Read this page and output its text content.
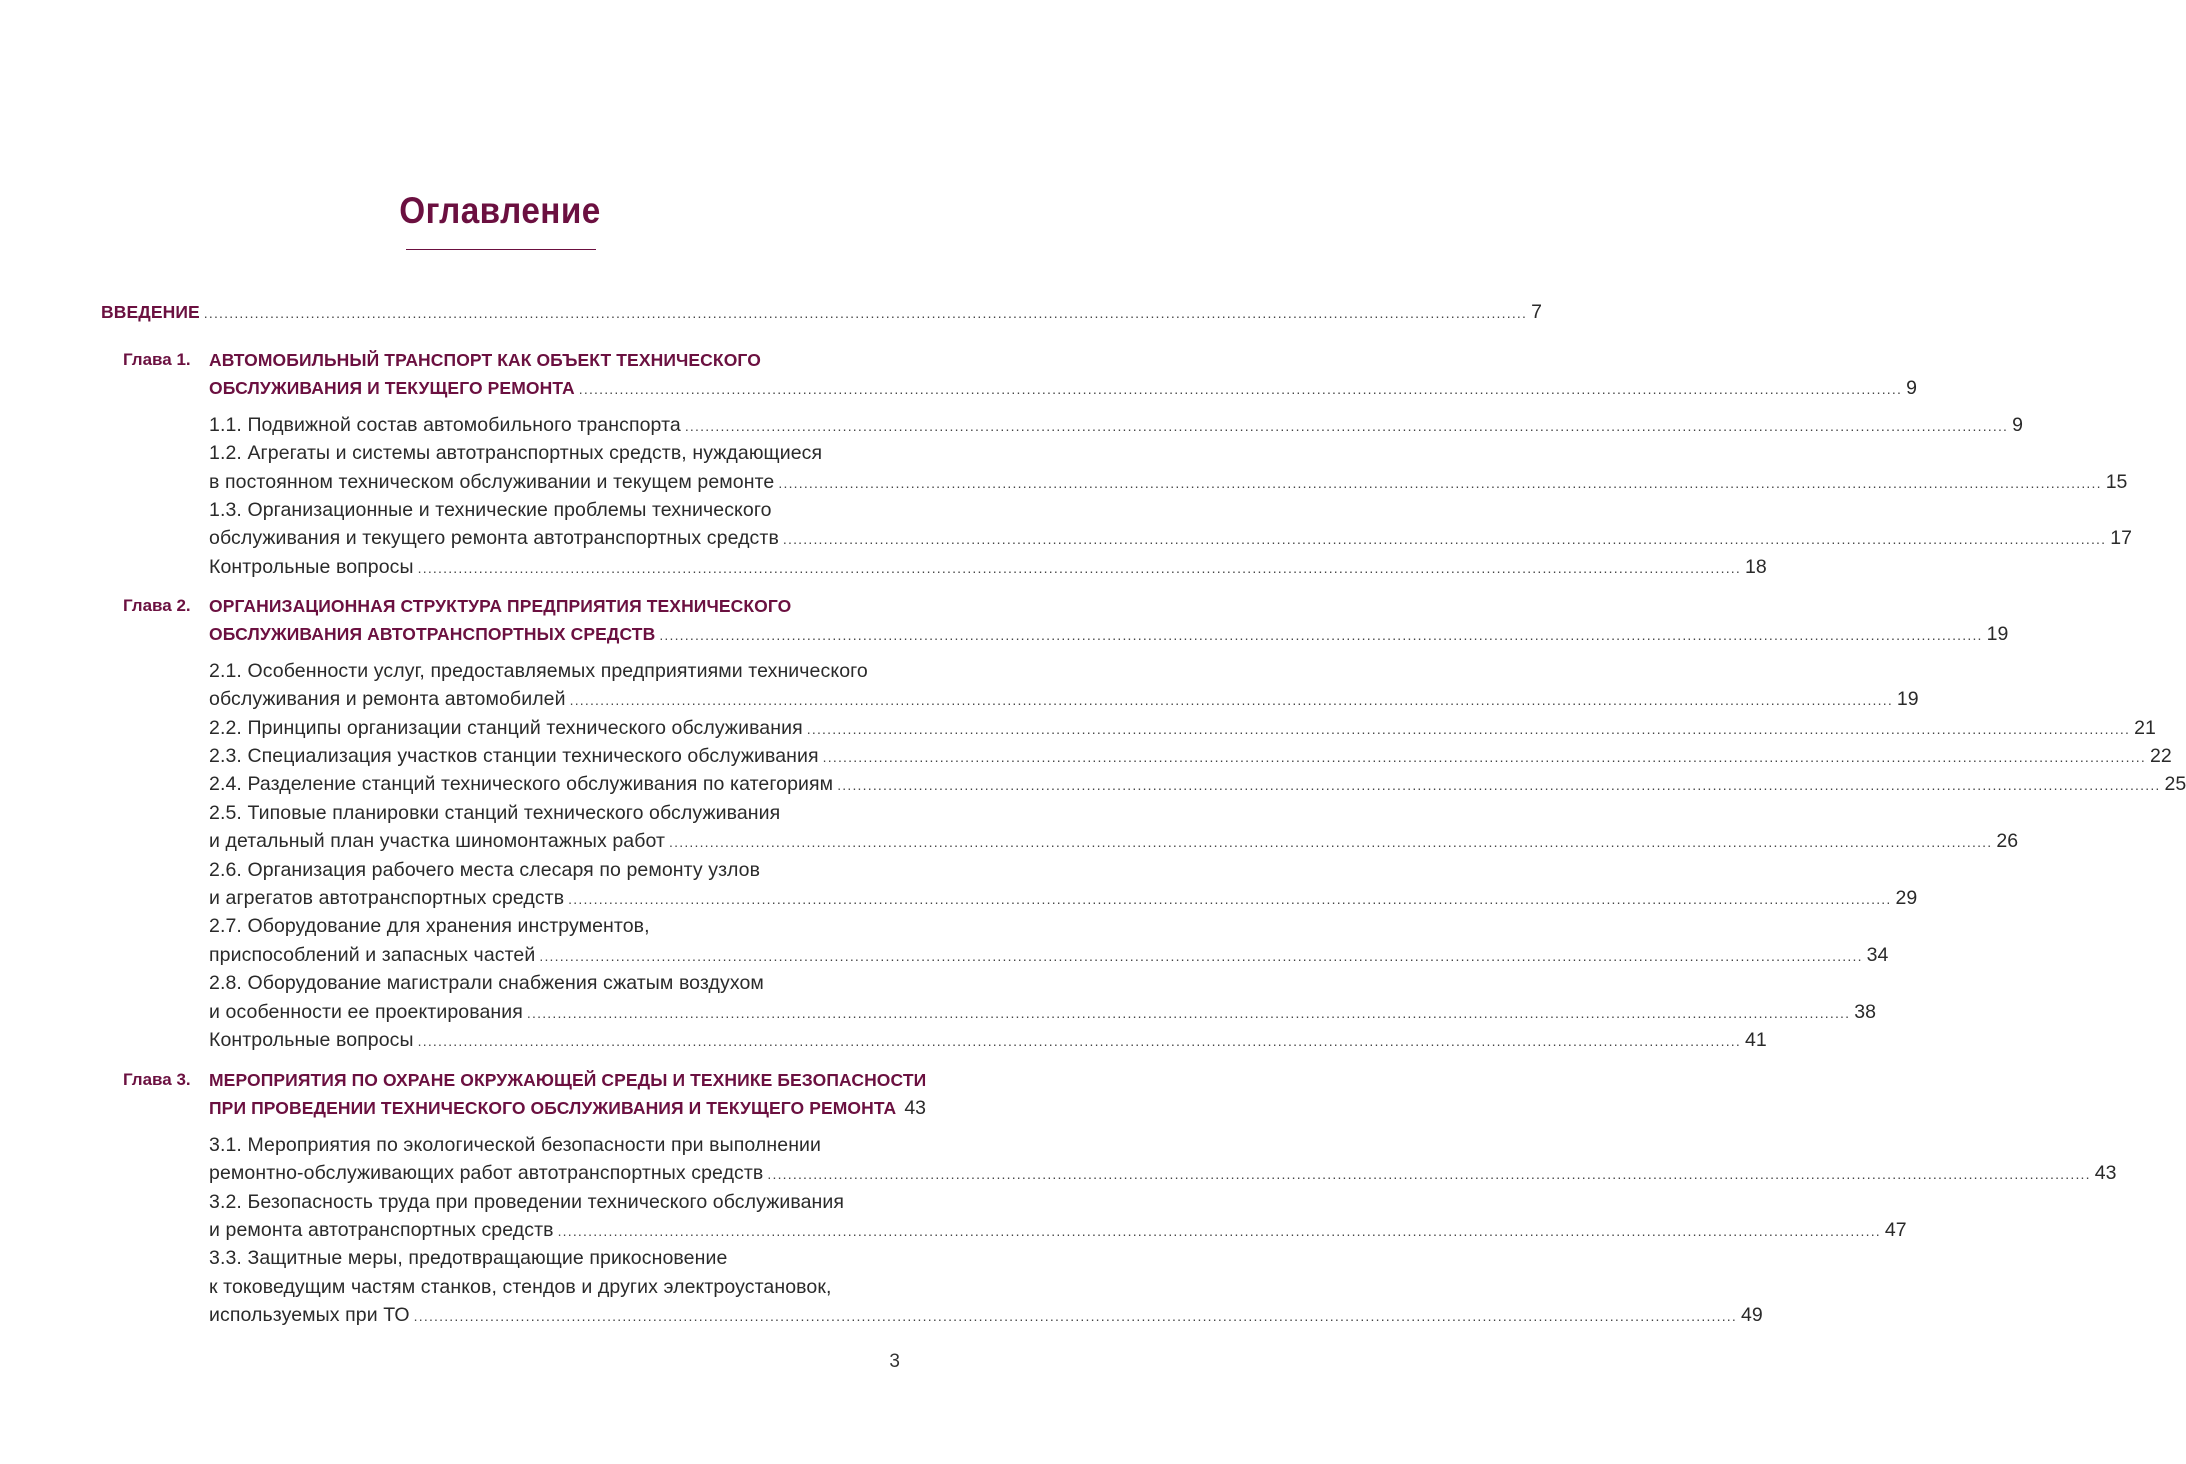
Оглавление
ВВЕДЕНИЕ .................................................................................................................................................................................................................................................................... 7
Глава 1. АВТОМОБИЛЬНЫЙ ТРАНСПОРТ КАК ОБЪЕКТ ТЕХНИЧЕСКОГО
ОБСЛУЖИВАНИЯ И ТЕКУЩЕГО РЕМОНТА .................................................................................................................................................................................................................................................................... 9
1.1. Подвижной состав автомобильного транспорта .................................................................................................................................................................................................................................................................... 9
1.2. Агрегаты и системы автотранспортных средств, нуждающиеся
в постоянном техническом обслуживании и текущем ремонте .................................................................................................................................................................................................................................................................... 15
1.3. Организационные и технические проблемы технического
обслуживания и текущего ремонта автотранспортных средств .................................................................................................................................................................................................................................................................... 17
Контрольные вопросы .................................................................................................................................................................................................................................................................... 18
Глава 2. ОРГАНИЗАЦИОННАЯ СТРУКТУРА ПРЕДПРИЯТИЯ ТЕХНИЧЕСКОГО
ОБСЛУЖИВАНИЯ АВТОТРАНСПОРТНЫХ СРЕДСТВ .................................................................................................................................................................................................................................................................... 19
2.1. Особенности услуг, предоставляемых предприятиями технического
обслуживания и ремонта автомобилей .................................................................................................................................................................................................................................................................... 19
2.2. Принципы организации станций технического обслуживания .................................................................................................................................................................................................................................................................... 21
2.3. Специализация участков станции технического обслуживания .................................................................................................................................................................................................................................................................... 22
2.4. Разделение станций технического обслуживания по категориям .................................................................................................................................................................................................................................................................... 25
2.5. Типовые планировки станций технического обслуживания
и детальный план участка шиномонтажных работ .................................................................................................................................................................................................................................................................... 26
2.6. Организация рабочего места слесаря по ремонту узлов
и агрегатов автотранспортных средств .................................................................................................................................................................................................................................................................... 29
2.7. Оборудование для хранения инструментов,
приспособлений и запасных частей .................................................................................................................................................................................................................................................................... 34
2.8. Оборудование магистрали снабжения сжатым воздухом
и особенности ее проектирования .................................................................................................................................................................................................................................................................... 38
Контрольные вопросы .................................................................................................................................................................................................................................................................... 41
Глава 3. МЕРОПРИЯТИЯ ПО ОХРАНЕ ОКРУЖАЮЩЕЙ СРЕДЫ И ТЕХНИКЕ БЕЗОПАСНОСТИ
ПРИ ПРОВЕДЕНИИ ТЕХНИЧЕСКОГО ОБСЛУЖИВАНИЯ И ТЕКУЩЕГО РЕМОНТА 43
3.1. Мероприятия по экологической безопасности при выполнении
ремонтно-обслуживающих работ автотранспортных средств .................................................................................................................................................................................................................................................................... 43
3.2. Безопасность труда при проведении технического обслуживания
и ремонта автотранспортных средств .................................................................................................................................................................................................................................................................... 47
3.3. Защитные меры, предотвращающие прикосновение
к токоведущим частям станков, стендов и других электроустановок,
используемых при ТО .................................................................................................................................................................................................................................................................... 49
3
